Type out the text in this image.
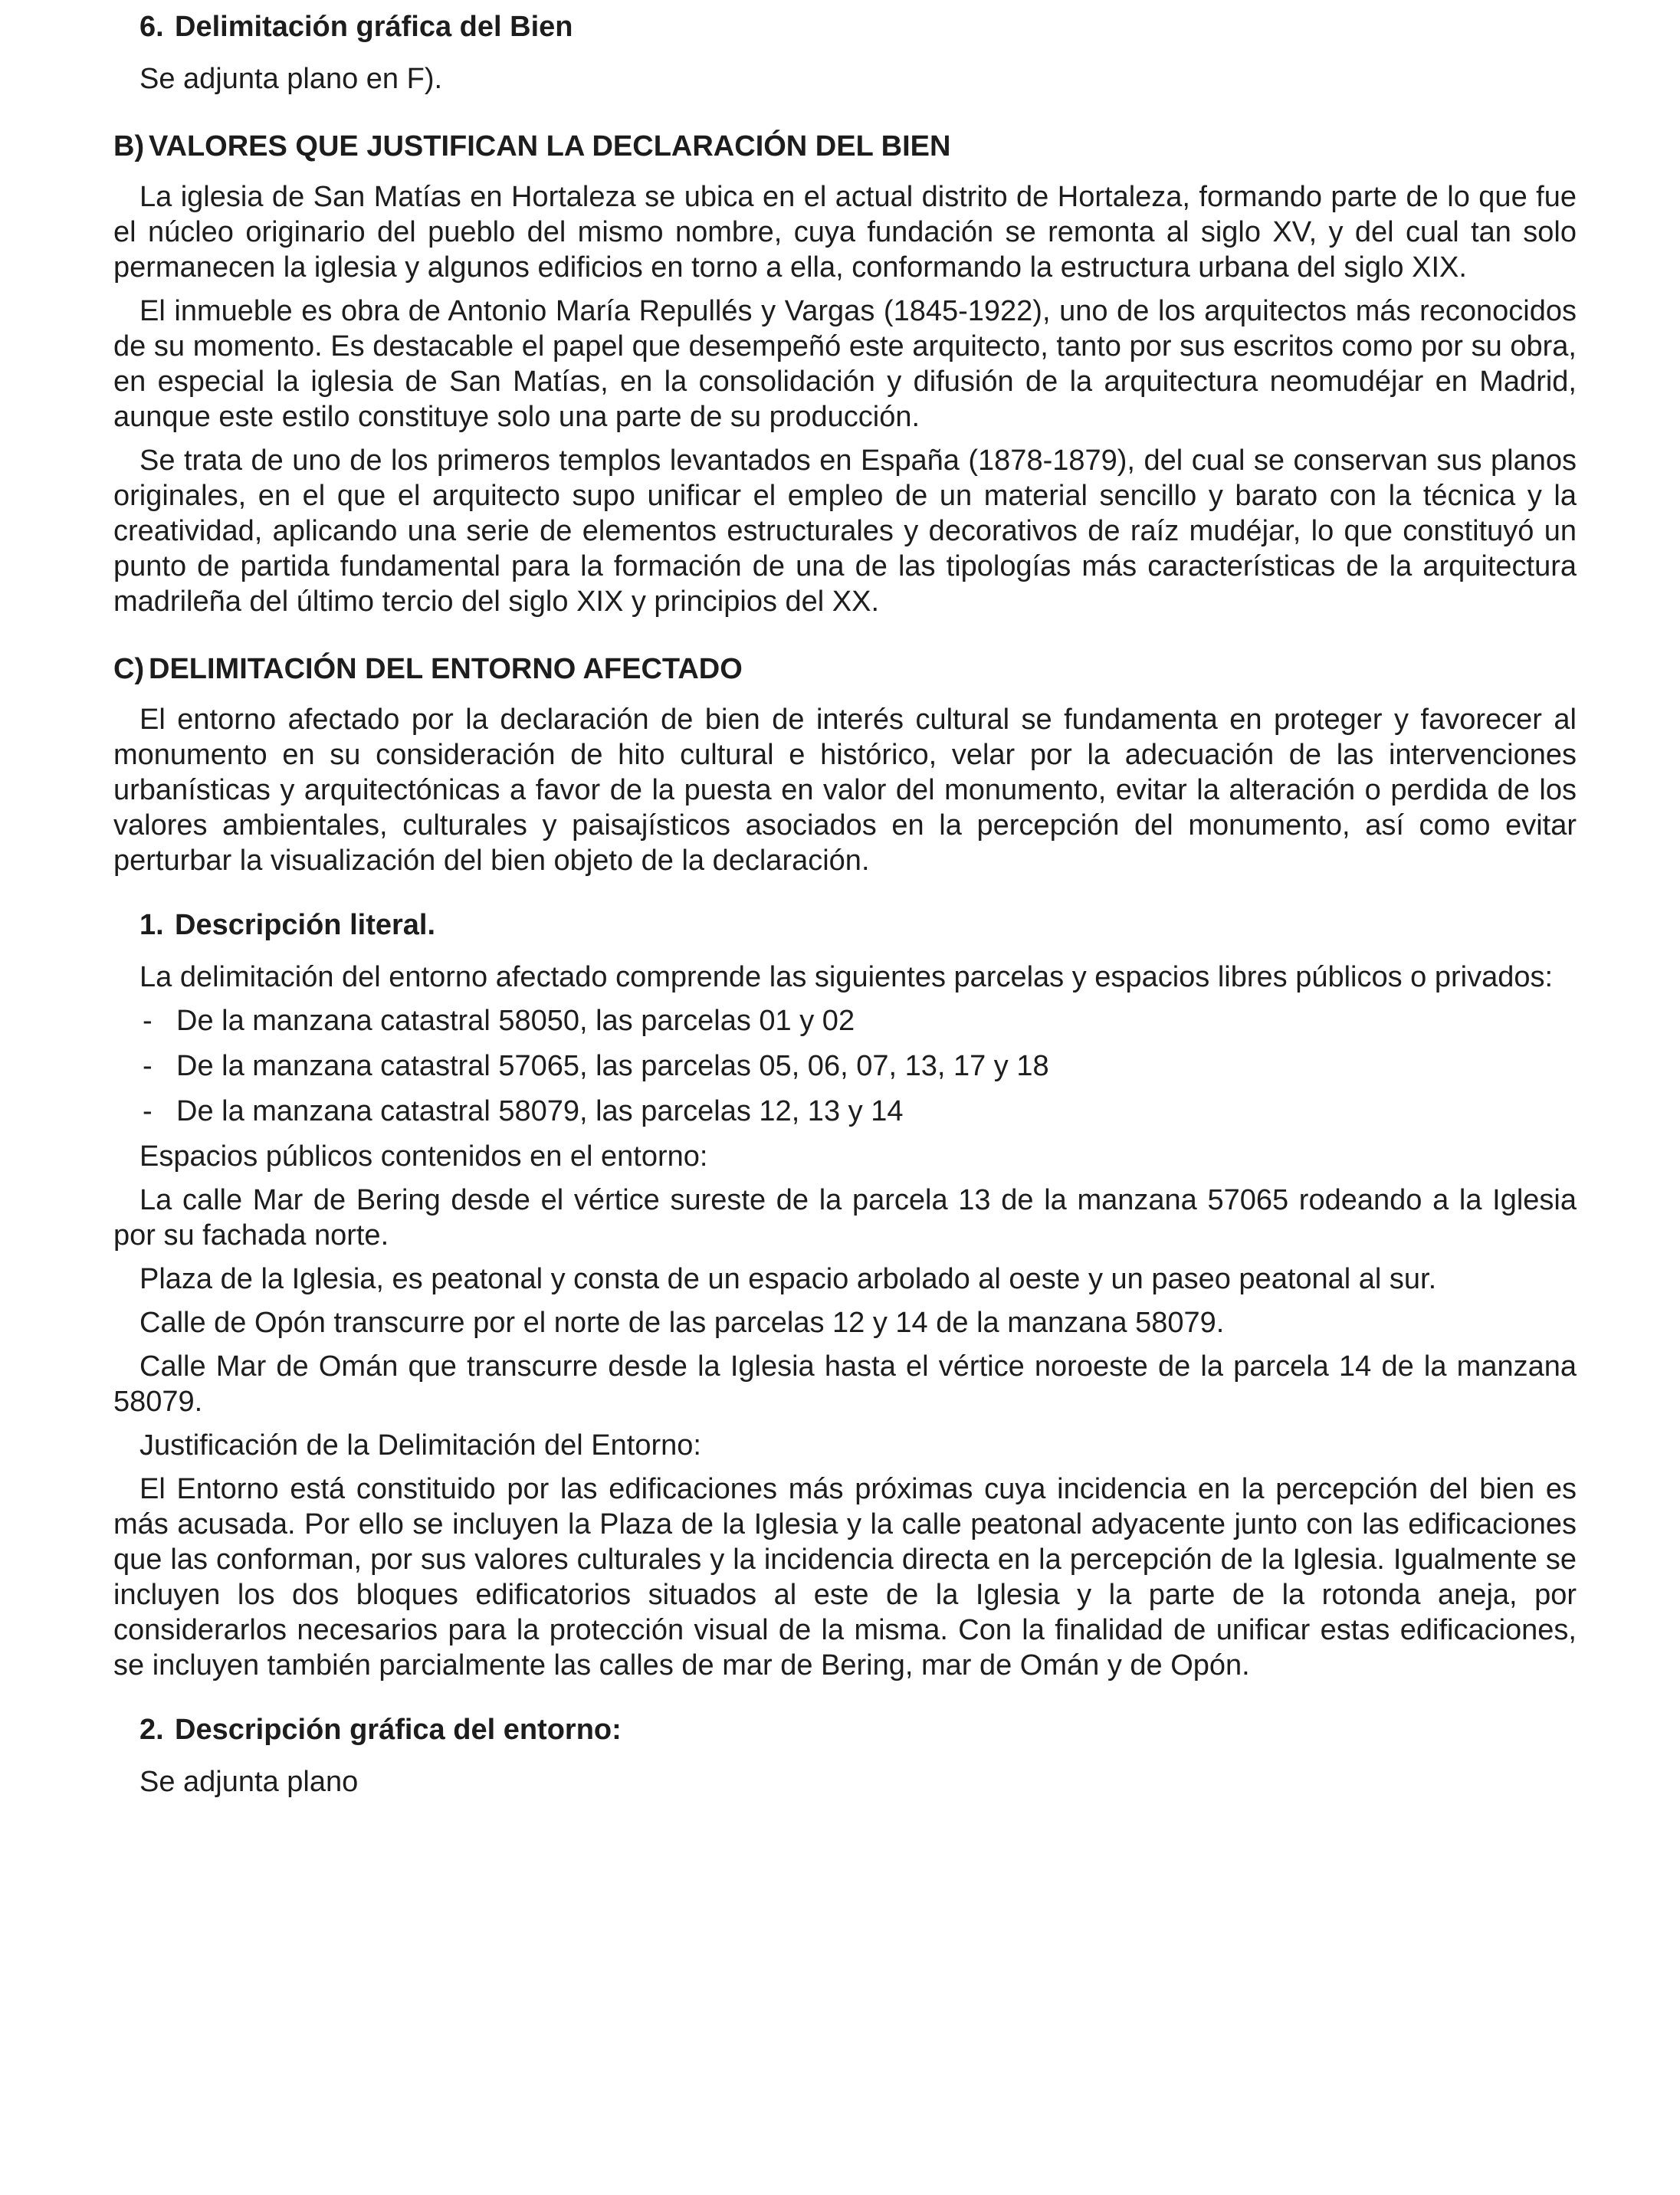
6. Delimitación gráfica del Bien

Se adjunta plano en F).

B) VALORES QUE JUSTIFICAN LA DECLARACIÓN DEL BIEN

La iglesia de San Matías en Hortaleza se ubica en el actual distrito de Hortaleza, formando parte de lo que fue el núcleo originario del pueblo del mismo nombre, cuya fundación se remonta al siglo XV, y del cual tan solo permanecen la iglesia y algunos edificios en torno a ella, conformando la estructura urbana del siglo XIX.

El inmueble es obra de Antonio María Repullés y Vargas (1845-1922), uno de los arquitectos más reconocidos de su momento. Es destacable el papel que desempeñó este arquitecto, tanto por sus escritos como por su obra, en especial la iglesia de San Matías, en la consolidación y difusión de la arquitectura neomudéjar en Madrid, aunque este estilo constituye solo una parte de su producción.

Se trata de uno de los primeros templos levantados en España (1878-1879), del cual se conservan sus planos originales, en el que el arquitecto supo unificar el empleo de un material sencillo y barato con la técnica y la creatividad, aplicando una serie de elementos estructurales y decorativos de raíz mudéjar, lo que constituyó un punto de partida fundamental para la formación de una de las tipologías más características de la arquitectura madrileña del último tercio del siglo XIX y principios del XX.

C) DELIMITACIÓN DEL ENTORNO AFECTADO

El entorno afectado por la declaración de bien de interés cultural se fundamenta en proteger y favorecer al monumento en su consideración de hito cultural e histórico, velar por la adecuación de las intervenciones urbanísticas y arquitectónicas a favor de la puesta en valor del monumento, evitar la alteración o perdida de los valores ambientales, culturales y paisajísticos asociados en la percepción del monumento, así como evitar perturbar la visualización del bien objeto de la declaración.

1. Descripción literal.

La delimitación del entorno afectado comprende las siguientes parcelas y espacios libres públicos o privados:

- De la manzana catastral 58050, las parcelas 01 y 02
- De la manzana catastral 57065, las parcelas 05, 06, 07, 13, 17 y 18
- De la manzana catastral 58079, las parcelas 12, 13 y 14

Espacios públicos contenidos en el entorno:

La calle Mar de Bering desde el vértice sureste de la parcela 13 de la manzana 57065 rodeando a la Iglesia por su fachada norte.

Plaza de la Iglesia, es peatonal y consta de un espacio arbolado al oeste y un paseo peatonal al sur.

Calle de Opón transcurre por el norte de las parcelas 12 y 14 de la manzana 58079.

Calle Mar de Omán que transcurre desde la Iglesia hasta el vértice noroeste de la parcela 14 de la manzana 58079.

Justificación de la Delimitación del Entorno:

El Entorno está constituido por las edificaciones más próximas cuya incidencia en la percepción del bien es más acusada. Por ello se incluyen la Plaza de la Iglesia y la calle peatonal adyacente junto con las edificaciones que las conforman, por sus valores culturales y la incidencia directa en la percepción de la Iglesia. Igualmente se incluyen los dos bloques edificatorios situados al este de la Iglesia y la parte de la rotonda aneja, por considerarlos necesarios para la protección visual de la misma. Con la finalidad de unificar estas edificaciones, se incluyen también parcialmente las calles de mar de Bering, mar de Omán y de Opón.

2. Descripción gráfica del entorno:

Se adjunta plano
